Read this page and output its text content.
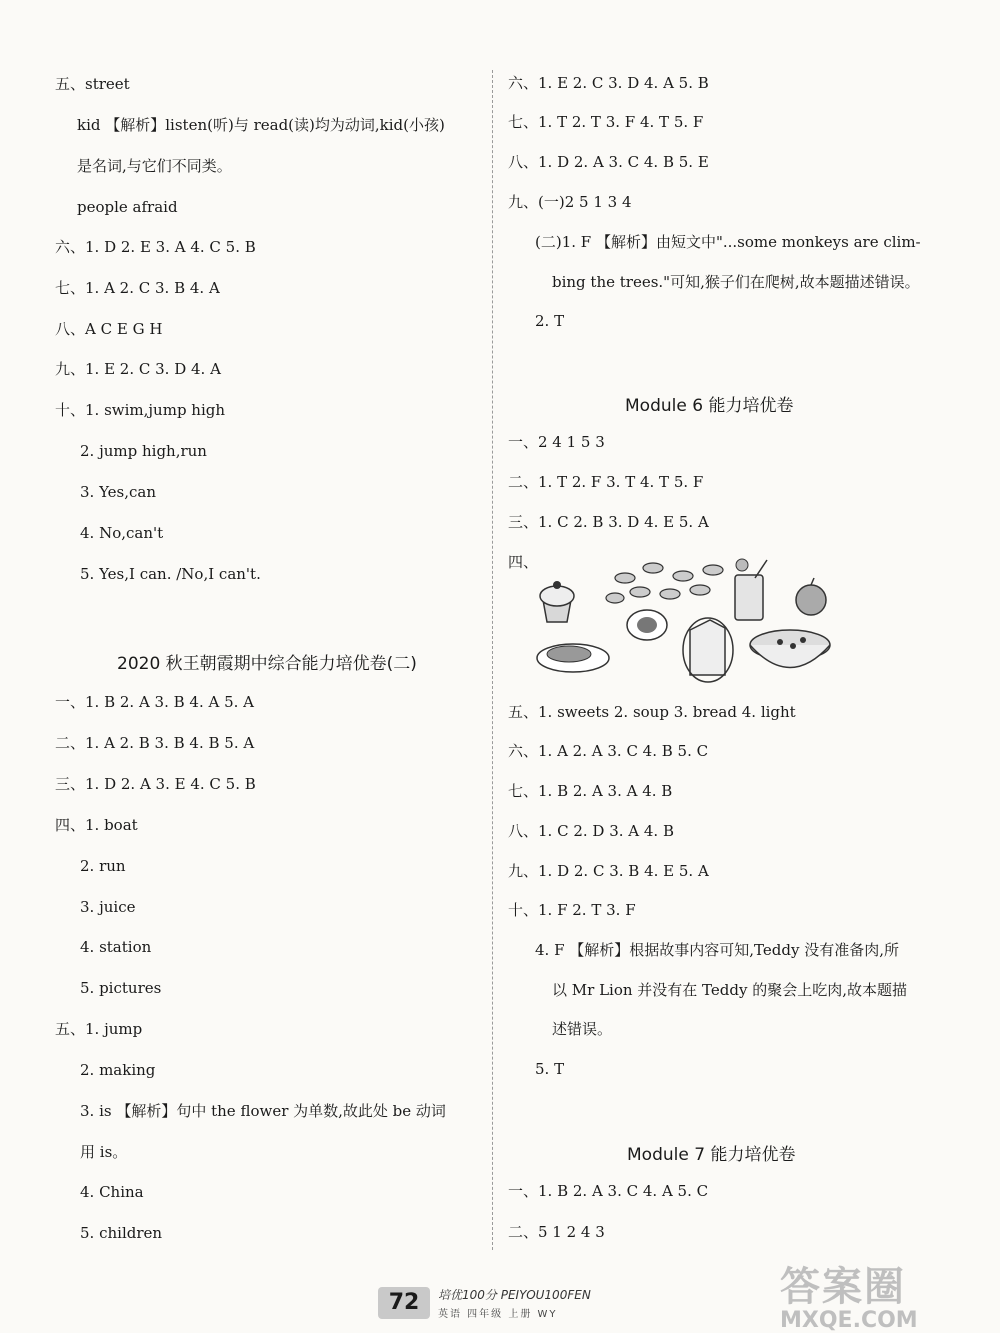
五、street
kid 【解析】listen(听)与 read(读)均为动词,kid(小孩)
是名词,与它们不同类。
people afraid
六、1. D 2. E 3. A 4. C 5. B
七、1. A 2. C 3. B 4. A
八、A C E G H
九、1. E 2. C 3. D 4. A
十、1. swim,jump high
2. jump high,run
3. Yes,can
4. No,can't
5. Yes,I can. /No,I can't.
2020 秋王朝霞期中综合能力培优卷(二)
一、1. B 2. A 3. B 4. A 5. A
二、1. A 2. B 3. B 4. B 5. A
三、1. D 2. A 3. E 4. C 5. B
四、1. boat
2. run
3. juice
4. station
5. pictures
五、1. jump
2. making
3. is 【解析】句中 the flower 为单数,故此处 be 动词
用 is。
4. China
5. children
六、1. E 2. C 3. D 4. A 5. B
七、1. T 2. T 3. F 4. T 5. F
八、1. D 2. A 3. C 4. B 5. E
九、(一)2 5 1 3 4
(二)1. F 【解析】由短文中"...some monkeys are clim-
bing the trees."可知,猴子们在爬树,故本题描述错误。
2. T
Module 6 能力培优卷
一、2 4 1 5 3
二、1. T 2. F 3. T 4. T 5. F
三、1. C 2. B 3. D 4. E 5. A
四、
五、1. sweets 2. soup 3. bread 4. light
六、1. A 2. A 3. C 4. B 5. C
七、1. B 2. A 3. A 4. B
八、1. C 2. D 3. A 4. B
九、1. D 2. C 3. B 4. E 5. A
十、1. F 2. T 3. F
4. F 【解析】根据故事内容可知,Teddy 没有准备肉,所
以 Mr Lion 并没有在 Teddy 的聚会上吃肉,故本题描
述错误。
5. T
Module 7 能力培优卷
一、1. B 2. A 3. C 4. A 5. C
二、5 1 2 4 3
72	培优100分 PEIYOU100FEN
英语 四年级 上册 WY
答案圈
MXQE.COM
